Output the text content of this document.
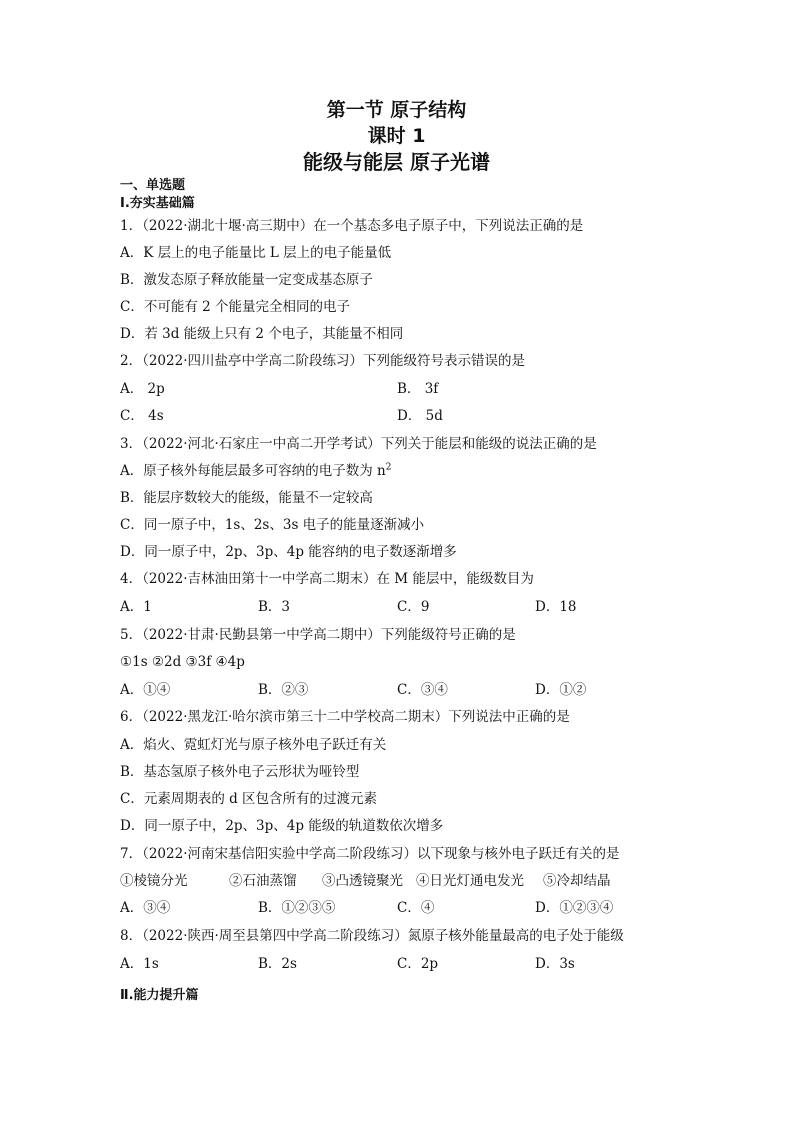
第一节 原子结构
课时 1
能级与能层 原子光谱
一、单选题
Ⅰ.夯实基础篇
1．（2022·湖北十堰·高三期中）在一个基态多电子原子中，下列说法正确的是
A．K 层上的电子能量比 L 层上的电子能量低
B．激发态原子释放能量一定变成基态原子
C．不可能有 2 个能量完全相同的电子
D．若 3d 能级上只有 2 个电子，其能量不相同
2．（2022·四川盐亭中学高二阶段练习）下列能级符号表示错误的是
A． 2p	B． 3f
C． 4s	D． 5d
3．（2022·河北·石家庄一中高二开学考试）下列关于能层和能级的说法正确的是
A．原子核外每能层最多可容纳的电子数为 $n^2$
B．能层序数较大的能级，能量不一定较高
C．同一原子中，1s、2s、3s 电子的能量逐渐减小
D．同一原子中，2p、3p、4p 能容纳的电子数逐渐增多
4．（2022·吉林油田第十一中学高二期末）在 M 能层中，能级数目为
A．1	B．3	C．9	D．18
5．（2022·甘肃·民勤县第一中学高二期中）下列能级符号正确的是
①1s ②2d ③3f ④4p
A．①④	B．②③	C．③④	D．①②
6．（2022·黑龙江·哈尔滨市第三十二中学校高二期末）下列说法中正确的是
A．焰火、霓虹灯光与原子核外电子跃迁有关
B．基态氢原子核外电子云形状为哑铃型
C．元素周期表的 d 区包含所有的过渡元素
D．同一原子中，2p、3p、4p 能级的轨道数依次增多
7．（2022·河南宋基信阳实验中学高二阶段练习）以下现象与核外电子跃迁有关的是
①棱镜分光	②石油蒸馏 ③凸透镜聚光 ④日光灯通电发光 ⑤冷却结晶
A．③④	B．①②③⑤	C．④	D．①②③④
8．（2022·陕西·周至县第四中学高二阶段练习）氮原子核外能量最高的电子处于能级
A．1s	B．2s	C．2p	D．3s
Ⅱ.能力提升篇
